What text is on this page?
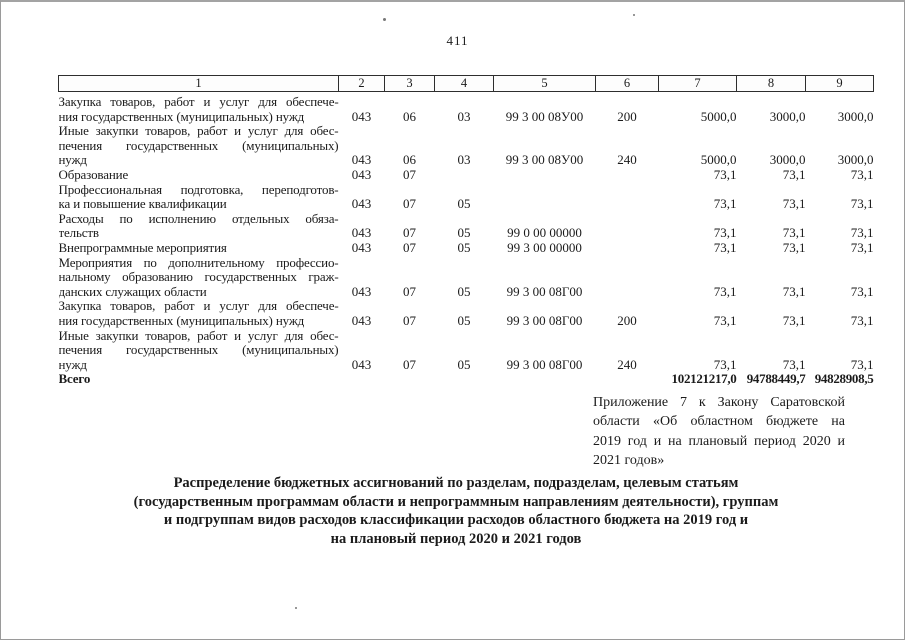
411
1	2	3	4	5	6	7	8	9

Закупка товаров, работ и услуг для обеспече-
ния государственных (муниципальных) нужд	043	06	03	99 3 00 08У00	200	5000,0	3000,0	3000,0

Иные закупки товаров, работ и услуг для обес-
печения государственных (муниципальных)
нужд	043	06	03	99 3 00 08У00	240	5000,0	3000,0	3000,0

Образование	043	07				73,1	73,1	73,1

Профессиональная подготовка, переподготов-
ка и повышение квалификации	043	07	05			73,1	73,1	73,1

Расходы по исполнению отдельных обяза-
тельств	043	07	05	99 0 00 00000		73,1	73,1	73,1

Внепрограммные мероприятия	043	07	05	99 3 00 00000		73,1	73,1	73,1

Мероприятия по дополнительному профессио-
нальному образованию государственных граж-
данских служащих области	043	07	05	99 3 00 08Г00		73,1	73,1	73,1

Закупка товаров, работ и услуг для обеспече-
ния государственных (муниципальных) нужд	043	07	05	99 3 00 08Г00	200	73,1	73,1	73,1

Иные закупки товаров, работ и услуг для обес-
печения государственных (муниципальных)
нужд	043	07	05	99 3 00 08Г00	240	73,1	73,1	73,1

Всего						102121217,0	94788449,7	94828908,5
Приложение 7 к Закону Саратовской
области «Об областном бюджете на
2019 год и на плановый период 2020 и
2021 годов»
Распределение бюджетных ассигнований по разделам, подразделам, целевым статьям
(государственным программам области и непрограммным направлениям деятельности), группам
и подгруппам видов расходов классификации расходов областного бюджета на 2019 год и
на плановый период 2020 и 2021 годов
